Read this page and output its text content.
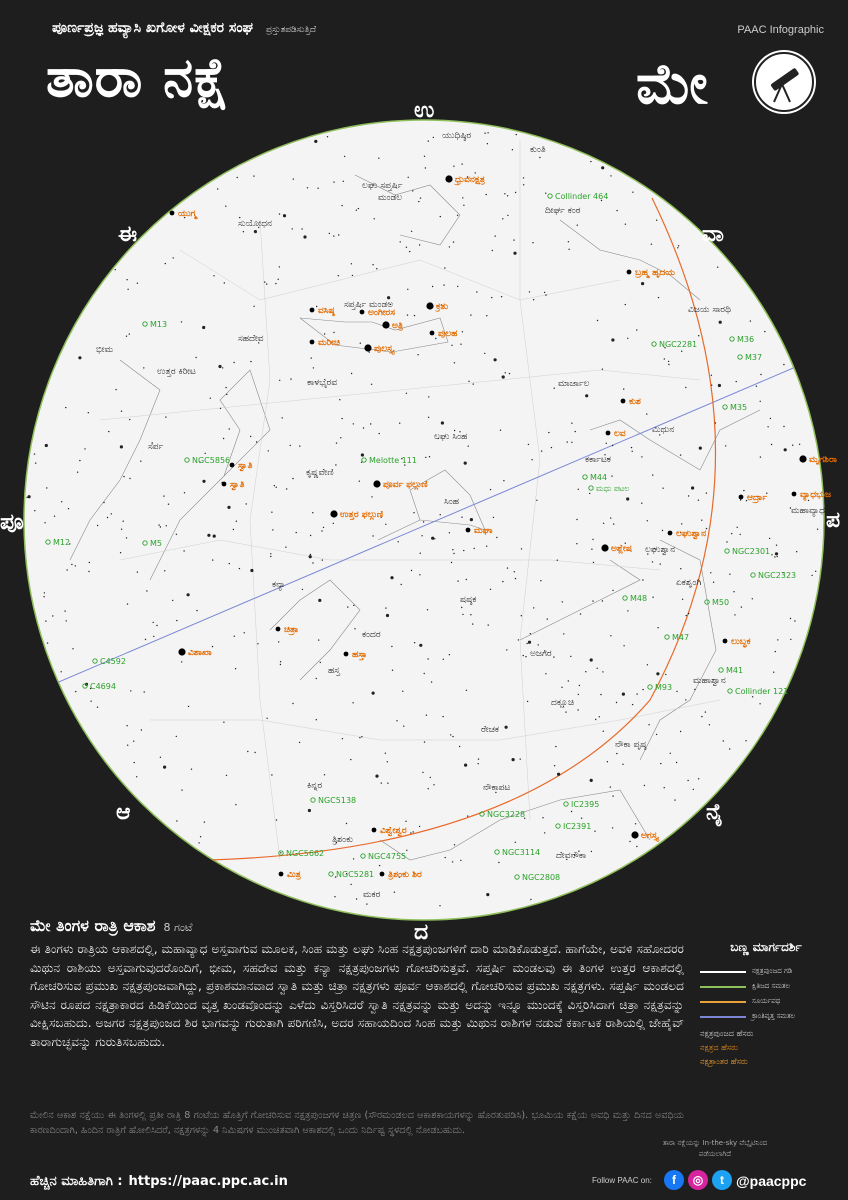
ಯುಧಿಷ್ಠಿರ
ಕುಂತಿ
ಲಘು ಸಪ್ತರ್ಷಿ
ಮಂಡಲ
ದೀರ್ಘ ಕಂಠ
ಸುಯೋಧನ
ಸಪ್ತರ್ಷಿ ಮಂಡಲ	ವಿಜಯ ಸಾರಥಿ
ಸಹದೇವ
ಭೀಮ
ಉತ್ತರ ಕಿರೀಟ
ಕಾಳಭೈರವ	ಮಾರ್ಜಾಲ
ಮಿಥುನ
ಲಘು ಸಿಂಹ
ಸರ್ಪ
ಕರ್ಕಾಟಕ
ಕೃಷ್ಣವೇಣಿ
ಸಿಂಹ
ಮಹಾವ್ಯಾಧ
ಲಘುಶ್ವಾನ
ಕನ್ಯಾ	ಏಕಶೃಂಗಿ
ಷಷ್ಠಕ
ಕಂದರ
ಹಸ್ತ
ಅಜಗರ
ಮಹಾಶ್ವಾನ
ದಕ್ಷೂಚಿ
ರೇಚಕ
ನೌಕಾ ಪೃಷ್ಠ
ಕಿನ್ನರ	ನೌಕಾಪಟ
ತ್ರಿಶಂಕು
ದೇವನೌಕಾ
ಮಕರ
ಧ್ರುವನಕ್ಷತ್ರ
ಯುಗ್ಮ
ಬ್ರಹ್ಮ ಹೃದಯ
ಕ್ರತು
ವಸಿಷ್ಠ	ಅಂಗೀರಸ
ಅತ್ರಿ
ಪುಲಹ
ಮರೀಚಿ
ಪುಲಸ್ತ್ಯ
ಕುಶ
ಲವ
ಮೃಗಶಿರಾ
ಸ್ವಾತಿ
ಸ್ವಾತಿ	ಪೂರ್ವ ಫಲ್ಗುಣಿ
ಆರ್ದ್ರಾ	ವ್ಯಾಧಭುಜ
ಉತ್ತರ ಫಲ್ಗುಣಿ
ಮಘಾ	ಲಘುಶ್ವಾನ
ಅಶ್ಲೇಷ
ಚಿತ್ರಾ
ಲುಬ್ಧಕ
ವಿಶಾಖಾ	ಹಸ್ತಾ
ವಿಶ್ವೇಶ್ವರ	ಅಗಸ್ತ್ಯ
ಮಿತ್ರ	ತ್ರಿಶಂಕು ಶಿರ
Collinder 464
M13
NGC2281
M36
M37
M35
NGC5856	Melotte 111
M44
ಮಧು ಪಟಲ
M12	M5
NGC2301
NGC2323
M48	M50
M47
C4592
M41
C4694	M93	Collinder 121
NGC5138	IC2395
NGC3228
IC2391
NGC5662	NGC4755	NGC3114
NGC5281	NGC2808
ಪೂರ್ಣಪ್ರಜ್ಞ ಹವ್ಯಾಸಿ ಖಗೋಳ ವೀಕ್ಷಕರ ಸಂಘ ಪ್ರಸ್ತುತಪಡಿಸುತ್ತಿದೆ	PAAC Infographic
ತಾರಾ ನಕ್ಷೆ	ಮೇ
ಉ
ದ
ಪೂ	ಪ
ಈ	ವಾ
ಆ	ನೈ
ಮೇ ತಿಂಗಳ ರಾತ್ರಿ ಆಕಾಶ 8 ಗಂಟೆ
ಈ ತಿಂಗಳು ರಾತ್ರಿಯ ಆಕಾಶದಲ್ಲಿ, ಮಹಾವ್ಯಾಧ ಅಸ್ತವಾಗುವ ಮೂಲಕ, ಸಿಂಹ ಮತ್ತು ಲಘು ಸಿಂಹ ನಕ್ಷತ್ರಪುಂಜಗಳಿಗೆ ದಾರಿ ಮಾಡಿಕೊಡುತ್ತದೆ. ಹಾಗೆಯೇ, ಅವಳಿ ಸಹೋದರರ ಮಿಥುನ ರಾಶಿಯು ಅಸ್ತವಾಗುವುದರೊಂದಿಗೆ, ಭೀಮ, ಸಹದೇವ ಮತ್ತು ಕನ್ಯಾ ನಕ್ಷತ್ರಪುಂಜಗಳು ಗೋಚರಿಸುತ್ತವೆ. ಸಪ್ತರ್ಷಿ ಮಂಡಲವು ಈ ತಿಂಗಳ ಉತ್ತರ ಆಕಾಶದಲ್ಲಿ ಗೋಚರಿಸುವ ಪ್ರಮುಖ ನಕ್ಷತ್ರಪುಂಜವಾಗಿದ್ದು, ಪ್ರಕಾಶಮಾನವಾದ ಸ್ವಾತಿ ಮತ್ತು ಚಿತ್ರಾ ನಕ್ಷತ್ರಗಳು ಪೂರ್ವ ಆಕಾಶದಲ್ಲಿ ಗೋಚರಿಸುವ ಪ್ರಮುಖ ನಕ್ಷತ್ರಗಳು. ಸಪ್ತರ್ಷಿ ಮಂಡಲದ ಸೌಟಿನ ರೂಪದ ನಕ್ಷತ್ರಾಕಾರದ ಹಿಡಿಕೆಯಿಂದ ವೃತ್ತ ಖಂಡವೊಂದನ್ನು ಎಳೆದು ವಿಸ್ತರಿಸಿದರೆ ಸ್ವಾತಿ ನಕ್ಷತ್ರವನ್ನು ಮತ್ತು ಅದನ್ನು ಇನ್ನೂ ಮುಂದಕ್ಕೆ ವಿಸ್ತರಿಸಿದಾಗ ಚಿತ್ರಾ ನಕ್ಷತ್ರವನ್ನು ವೀಕ್ಷಿಸಬಹುದು. ಅಜಗರ ನಕ್ಷತ್ರಪುಂಜದ ಶಿರ ಭಾಗವನ್ನು ಗುರುತಾಗಿ ಪರಿಗಣಿಸಿ, ಅದರ ಸಹಾಯದಿಂದ ಸಿಂಹ ಮತ್ತು ಮಿಥುನ ರಾಶಿಗಳ ನಡುವೆ ಕರ್ಕಾಟಕ ರಾಶಿಯಲ್ಲಿ ಜೇಹೈವ್ ತಾರಾಗುಚ್ಛವನ್ನು ಗುರುತಿಸಬಹುದು.
ಮೇಲಿನ ಆಕಾಶ ನಕ್ಷೆಯು ಈ ತಿಂಗಳಲ್ಲಿ ಪ್ರತೀ ರಾತ್ರಿ 8 ಗಂಟೆಯ ಹೊತ್ತಿಗೆ ಗೋಚರಿಸುವ ನಕ್ಷತ್ರಪುಂಜಗಳ ಚಿತ್ರಣ (ಸೌರಮಂಡಲದ ಆಕಾಶಕಾಯಗಳನ್ನು ಹೊರತುಪಡಿಸಿ). ಭೂಮಿಯ ಕಕ್ಷೆಯ ಅವಧಿ ಮತ್ತು ದಿನದ ಅವಧಿಯ ಕಾರಣದಿಂದಾಗಿ, ಹಿಂದಿನ ರಾತ್ರಿಗೆ ಹೋಲಿಸಿದರೆ, ನಕ್ಷತ್ರಗಳನ್ನು 4 ನಿಮಿಷಗಳ ಮುಂಚಿತವಾಗಿ ಆಕಾಶದಲ್ಲಿ ಒಂದು ನಿರ್ದಿಷ್ಟ ಸ್ಥಳದಲ್ಲಿ ನೋಡಬಹುದು.
ಬಣ್ಣ ಮಾರ್ಗದರ್ಶಿ
ನಕ್ಷತ್ರಪುಂಜದ ಗಡಿ
ಕ್ಷಿತಿಜದ ಸಮತಲ
ಸೂರ್ಯಪಥ
ಕ್ರಾಂತಿವೃತ್ತ ಸಮತಲ
ನಕ್ಷತ್ರಪುಂಜದ ಹೆಸರು
ನಕ್ಷತ್ರದ ಹೆಸರು
ನಕ್ಷತ್ರಾಂತರ ಹೆಸರು
ತಾರಾ ನಕ್ಷೆಯನ್ನು In-the-sky ವೆಬ್ಸೈಟಿನಿಂದ ಪಡೆಯಲಾಗಿದೆ
ಹೆಚ್ಚಿನ ಮಾಹಿತಿಗಾಗಿ : https://paac.ppc.ac.in	Follow PAAC on:	f	◎	t @paacppc
